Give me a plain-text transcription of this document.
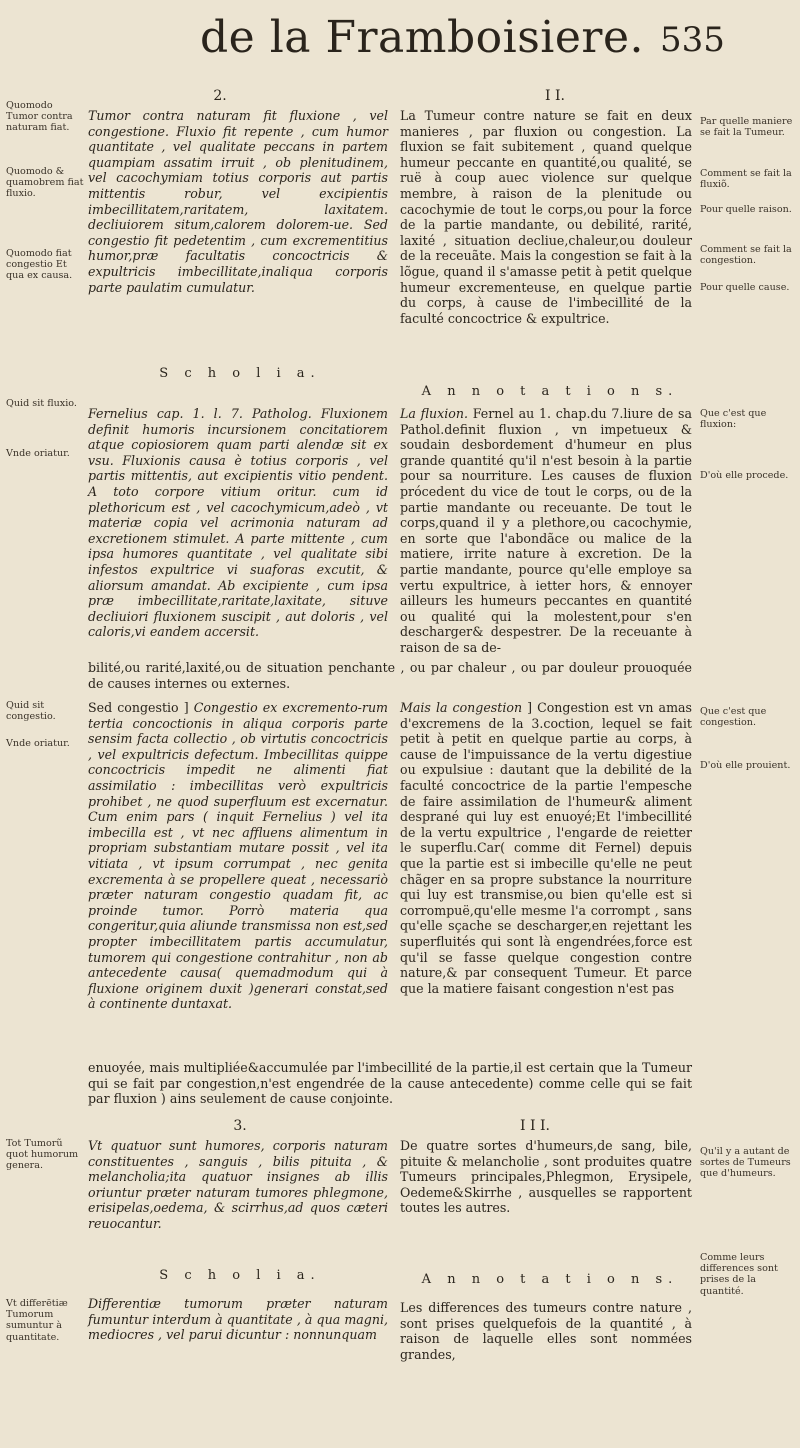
de la Framboisiere. 535
2.	I I.
Tumor contra naturam fit fluxione , vel congestione. Fluxio fit repente , cum humor quantitate , vel qualitate peccans in partem quampiam assatim irruit , ob plenitudinem, vel cacochymiam totius corporis aut partis mittentis robur, vel excipientis imbecillitatem,raritatem, laxitatem. decliuiorem situm,calorem dolorem-ue. Sed congestio fit pedetentim , cum excrementitius humor,præ facultatis concoctricis & expultricis imbecillitate,inaliqua corporis parte paulatim cumulatur.
La Tumeur contre nature se fait en deux manieres , par fluxion ou congestion. La fluxion se fait subitement , quand quelque humeur peccante en quantité,ou qualité, se ruë à coup auec violence sur quelque membre, à raison de la plenitude ou cacochymie de tout le corps,ou pour la force de la partie mandante, ou debilité, rarité, laxité , situation decliue,chaleur,ou douleur de la receuãte. Mais la congestion se fait à la lõgue, quand il s'amasse petit à petit quelque humeur excrementeuse, en quelque partie du corps, à cause de l'imbecillité de la faculté concoctrice & expultrice.
Quomodo Tumor contra naturam fiat.
Quomodo & quamobrem fiat fluxio.
Quomodo fiat congestio Et qua ex causa.
Quid sit fluxio.
Vnde oriatur.
Quid sit congestio.
Vnde oriatur.
Tot Tumorũ quot humorum genera.
Vt differētiæ Tumorum sumuntur à quantitate.
Par quelle maniere se fait la Tumeur.
Comment se fait la fluxiõ.
Pour quelle raison.
Comment se fait la congestion.
Pour quelle cause.
Que c'est que fluxion:
D'où elle procede.
Que c'est que congestion.
D'où elle prouient.
Qu'il y a autant de sortes de Tumeurs que d'humeurs.
Comme leurs differences sont prises de la quantité.
S c h o l i a.
A n n o t a t i o n s.
Fernelius cap. 1. l. 7. Patholog. Fluxionem definit humoris incursionem concitatiorem atque copiosiorem quam parti alendæ sit ex vsu. Fluxionis causa è totius corporis , vel partis mittentis, aut excipientis vitio pendent. A toto corpore vitium oritur. cum id plethoricum est , vel cacochymicum,adeò , vt materiæ copia vel acrimonia naturam ad excretionem stimulet. A parte mittente , cum ipsa humores quantitate , vel qualitate sibi infestos expultrice vi suaforas excutit, & aliorsum amandat. Ab excipiente , cum ipsa præ imbecillitate,raritate,laxitate, situve decliuiori fluxionem suscipit , aut doloris , vel caloris,vi eandem accersit.
La fluxion. Fernel au 1. chap.du 7.liure de sa Pathol.definit fluxion , vn impetueux & soudain desbordement d'humeur en plus grande quantité qu'il n'est besoin à la partie pour sa nourriture. Les causes de fluxion prócedent du vice de tout le corps, ou de la partie mandante ou receuante. De tout le corps,quand il y a plethore,ou cacochymie, en sorte que l'abondãce ou malice de la matiere, irrite nature à excretion. De la partie mandante, pource qu'elle employe sa vertu expultrice, à ietter hors, & ennoyer ailleurs les humeurs peccantes en quantité ou qualité qui la molestent,pour s'en descharger& despestrer. De la receuante à raison de sa de-
bilité,ou rarité,laxité,ou de situation penchante , ou par chaleur , ou par douleur prouoquée de causes internes ou externes.
Sed congestio ] Congestio ex excremento-rum tertia concoctionis in aliqua corporis parte sensim facta collectio , ob virtutis concoctricis , vel expultricis defectum. Imbecillitas quippe concoctricis impedit ne alimenti fiat assimilatio : imbecillitas verò expultricis prohibet , ne quod superfluum est excernatur. Cum enim pars ( inquit Fernelius ) vel ita imbecilla est , vt nec affluens alimentum in propriam substantiam mutare possit , vel ita vitiata , vt ipsum corrumpat , nec genita excrementa à se propellere queat , necessariò præter naturam congestio quadam fit, ac proinde tumor. Porrò materia qua congeritur,quia aliunde transmissa non est,sed propter imbecillitatem partis accumulatur, tumorem qui congestione contrahitur , non ab antecedente causa( quemadmodum qui à fluxione originem duxit )generari constat,sed à continente duntaxat.
Mais la congestion ] Congestion est vn amas d'excremens de la 3.coction, lequel se fait petit à petit en quelque partie au corps, à cause de l'impuissance de la vertu digestiue ou expulsiue : dautant que la debilité de la faculté concoctrice de la partie l'empesche de faire assimilation de l'humeur& aliment desprané qui luy est enuoyé;Et l'imbecillité de la vertu expultrice , l'engarde de reietter le superflu.Car( comme dit Fernel) depuis que la partie est si imbecille qu'elle ne peut chãger en sa propre substance la nourriture qui luy est transmise,ou bien qu'elle est si corrompuë,qu'elle mesme l'a corrompt , sans qu'elle sçache se descharger,en rejettant les superfluités qui sont là engendrées,force est qu'il se fasse quelque congestion contre nature,& par consequent Tumeur. Et parce que la matiere faisant congestion n'est pas
enuoyée, mais multipliée&accumulée par l'imbecillité de la partie,il est certain que la Tumeur qui se fait par congestion,n'est engendrée de la cause antecedente) comme celle qui se fait par fluxion ) ains seulement de cause conjointe.
3.	I I I.
Vt quatuor sunt humores, corporis naturam constituentes , sanguis , bilis pituita , & melancholia;ita quatuor insignes ab illis oriuntur præter naturam tumores phlegmone, erisipelas,oedema, & scirrhus,ad quos cæteri reuocantur.
De quatre sortes d'humeurs,de sang, bile, pituite & melancholie , sont produites quatre Tumeurs principales,Phlegmon, Erysipele, Oedeme&Skirrhe , ausquelles se rapportent toutes les autres.
S c h o l i a.	A n n o t a t i o n s.
Differentiæ tumorum præter naturam fumuntur interdum à quantitate , à qua magni, mediocres , vel parui dicuntur : nonnunquam
Les differences des tumeurs contre nature , sont prises quelquefois de la quantité , à raison de laquelle elles sont nommées grandes,
